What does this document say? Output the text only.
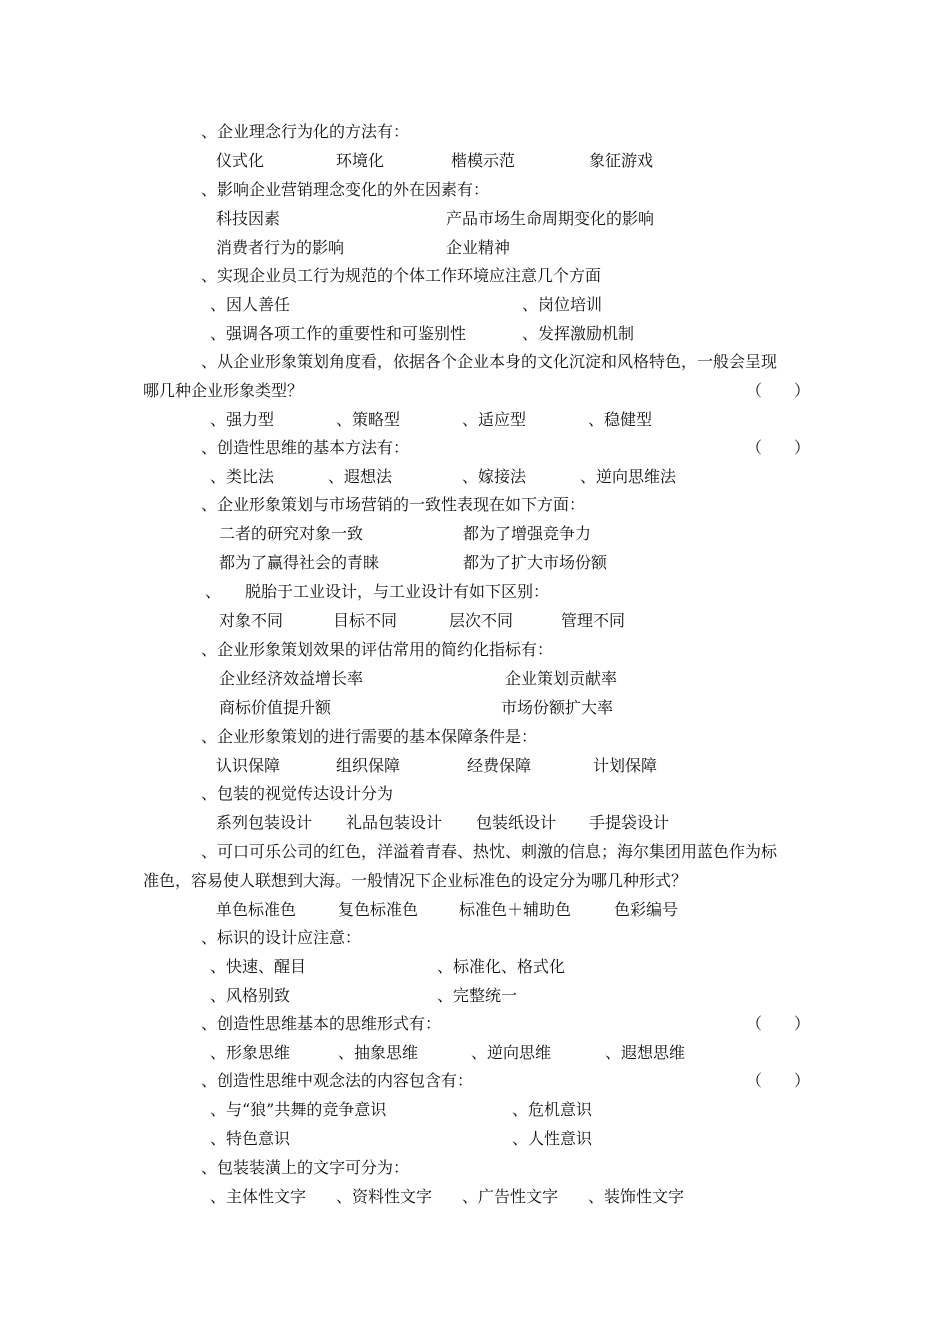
、企业理念行为化的方法有：
仪式化	环境化	楷模示范	象征游戏
、影响企业营销理念变化的外在因素有：
科技因素	产品市场生命周期变化的影响
消费者行为的影响	企业精神
、实现企业员工行为规范的个体工作环境应注意几个方面
、因人善任	、岗位培训
、强调各项工作的重要性和可鉴别性	、发挥激励机制
、从企业形象策划角度看，依据各个企业本身的文化沉淀和风格特色，一般会呈现
哪几种企业形象类型？	（　　）
、强力型	、策略型	、适应型	、稳健型
、创造性思维的基本方法有：	（　　）
、类比法	、遐想法	、嫁接法	、逆向思维法
、企业形象策划与市场营销的一致性表现在如下方面：
二者的研究对象一致	都为了增强竞争力
都为了赢得社会的青睐	都为了扩大市场份额
、　　脱胎于工业设计，与工业设计有如下区别：
对象不同	目标不同	层次不同	管理不同
、企业形象策划效果的评估常用的简约化指标有：
企业经济效益增长率	企业策划贡献率
商标价值提升额	市场份额扩大率
、企业形象策划的进行需要的基本保障条件是：
认识保障	组织保障	经费保障	计划保障
、包装的视觉传达设计分为
系列包装设计 礼品包装设计 包装纸设计 手提袋设计
、可口可乐公司的红色，洋溢着青春、热忱、刺激的信息；海尔集团用蓝色作为标
准色，容易使人联想到大海。一般情况下企业标准色的设定分为哪几种形式？
单色标准色	复色标准色	标准色＋辅助色	色彩编号
、标识的设计应注意：
、快速、醒目	、标准化、格式化
、风格别致	、完整统一
、创造性思维基本的思维形式有：	（　　）
、形象思维	、抽象思维	、逆向思维	、遐想思维
、创造性思维中观念法的内容包含有：	（　　）
、与“狼”共舞的竞争意识	、危机意识
、特色意识	、人性意识
、包装装潢上的文字可分为：
、主体性文字 、资料性文字 、广告性文字 、装饰性文字
